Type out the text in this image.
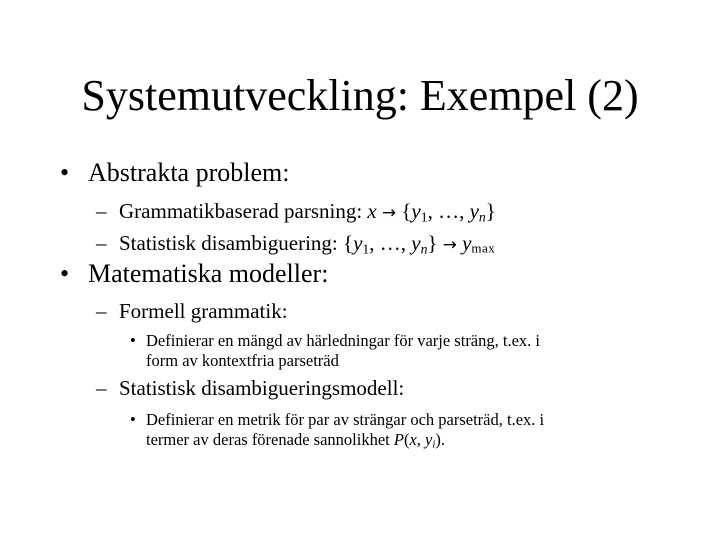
Systemutveckling: Exempel (2)
• Abstrakta problem:
– Grammatikbaserad parsning: $x \to \{y_1$, …, $y_n$}
– Statistisk disambiguering: {$y_1$, …, $y_n\} \to ymax$
• Matematiska modeller:
– Formell grammatik:
• Definierar en mängd av härledningar för varje sträng, t.ex. i
form av kontextfria parseträd
– Statistisk disambigueringsmodell:
• Definierar en metrik för par av strängar och parseträd, t.ex. i
termer av deras förenade sannolikhet P(x, $y_i$).
